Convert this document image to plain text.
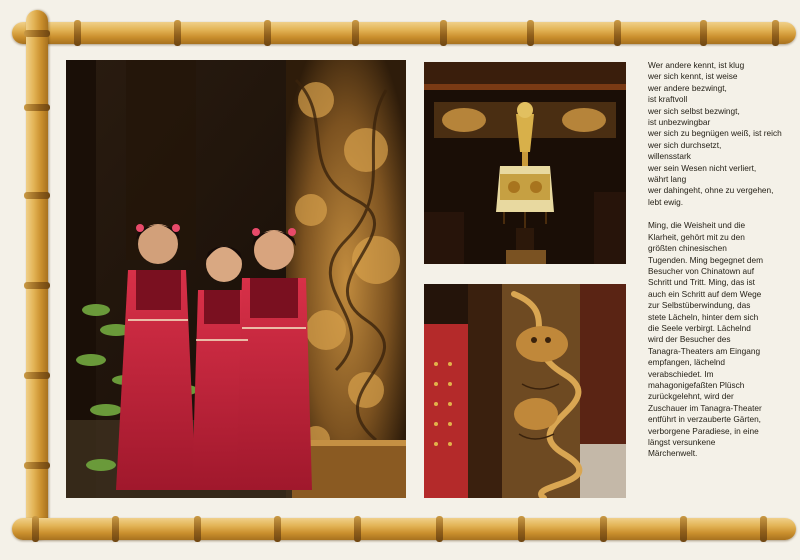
Wer andere kennt, ist klug
wer sich kennt, ist weise
wer andere bezwingt,
ist kraftvoll
wer sich selbst bezwingt,
ist unbezwingbar
wer sich zu begnügen weiß, ist reich
wer sich durchsetzt,
willensstark
wer sein Wesen nicht verliert,
währt lang
wer dahingeht, ohne zu vergehen,
lebt ewig.
Ming, die Weisheit und die
Klarheit, gehört mit zu den
größten chinesischen
Tugenden. Ming begegnet dem
Besucher von Chinatown auf
Schritt und Tritt. Ming, das ist
auch ein Schritt auf dem Wege
zur Selbstüberwindung, das
stete Lächeln, hinter dem sich
die Seele verbirgt. Lächelnd
wird der Besucher des
Tanagra-Theaters am Eingang
empfangen, lächelnd
verabschiedet. Im
mahagonigefaßten Plüsch
zurückgelehnt, wird der
Zuschauer im Tanagra-Theater
entführt in verzauberte Gärten,
verborgene Paradiese, in eine
längst versunkene
Märchenwelt.
